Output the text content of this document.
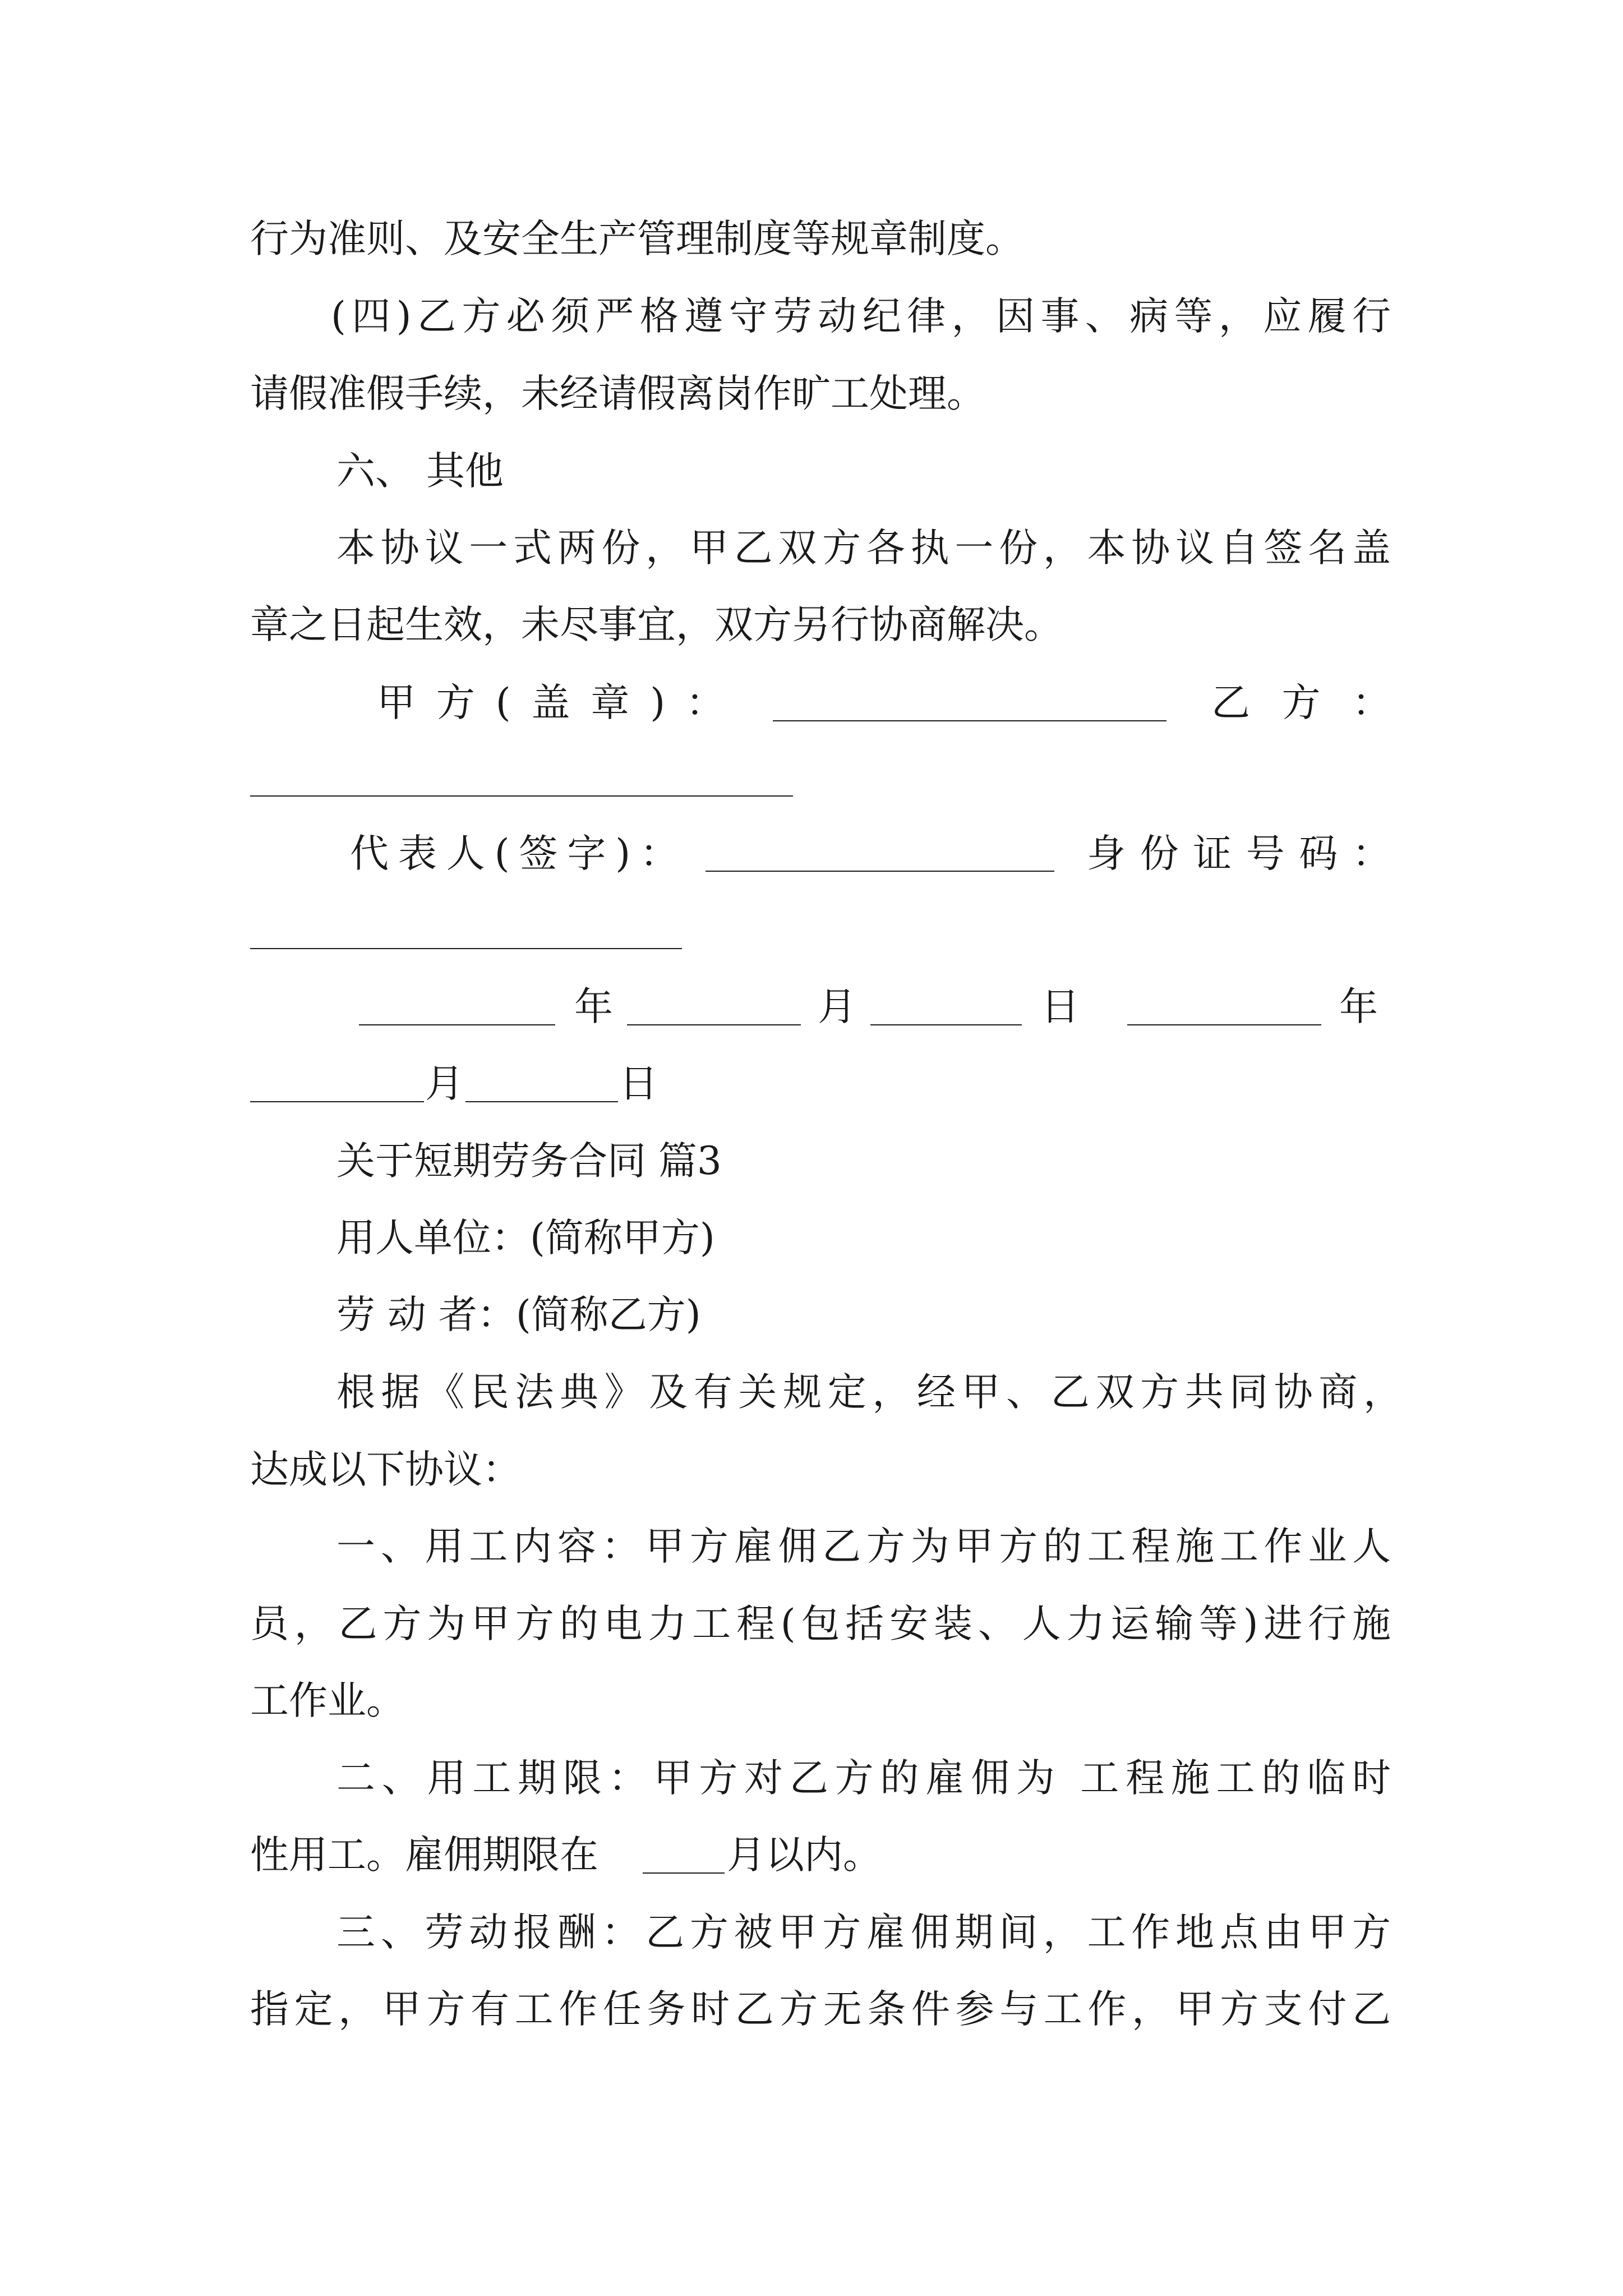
行为准则、及安全生产管理制度等规章制度。
(四)乙方必须严格遵守劳动纪律，因事、病等，应履行
请假准假手续，未经请假离岗作旷工处理。
六、 其他
本协议一式两份，甲乙双方各执一份，本协议自签名盖
章之日起生效，未尽事宜，双方另行协商解决。
甲方(盖章)：	乙方：
代表人(签字)：	身份证号码：
年	月	日	年
月	日
关于短期劳务合同 篇3
用人单位：(简称甲方)
劳 动 者：(简称乙方)
根据《民法典》及有关规定，经甲、乙双方共同协商，
达成以下协议：
一、用工内容：甲方雇佣乙方为甲方的工程施工作业人
员，乙方为甲方的电力工程(包括安装、人力运输等)进行施
工作业。
二、用工期限：甲方对乙方的雇佣为 工程施工的临时
性用工。雇佣期限在	月以内。
三、劳动报酬：乙方被甲方雇佣期间，工作地点由甲方
指定，甲方有工作任务时乙方无条件参与工作，甲方支付乙
